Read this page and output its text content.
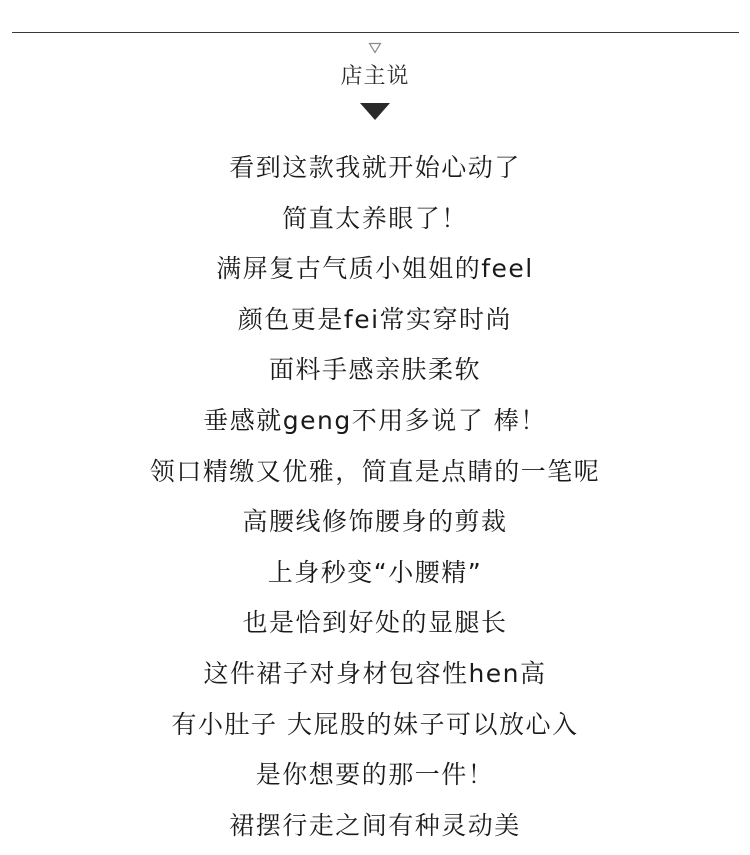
店主说
看到这款我就开始心动了
简直太养眼了！
满屏复古气质小姐姐的feel
颜色更是fei常实穿时尚
面料手感亲肤柔软
垂感就geng不用多说了 棒！
领口精缴又优雅，简直是点睛的一笔呢
高腰线修饰腰身的剪裁
上身秒变“小腰精”
也是恰到好处的显腿长
这件裙子对身材包容性hen高
有小肚子 大屁股的妹子可以放心入
是你想要的那一件！
裙摆行走之间有种灵动美
